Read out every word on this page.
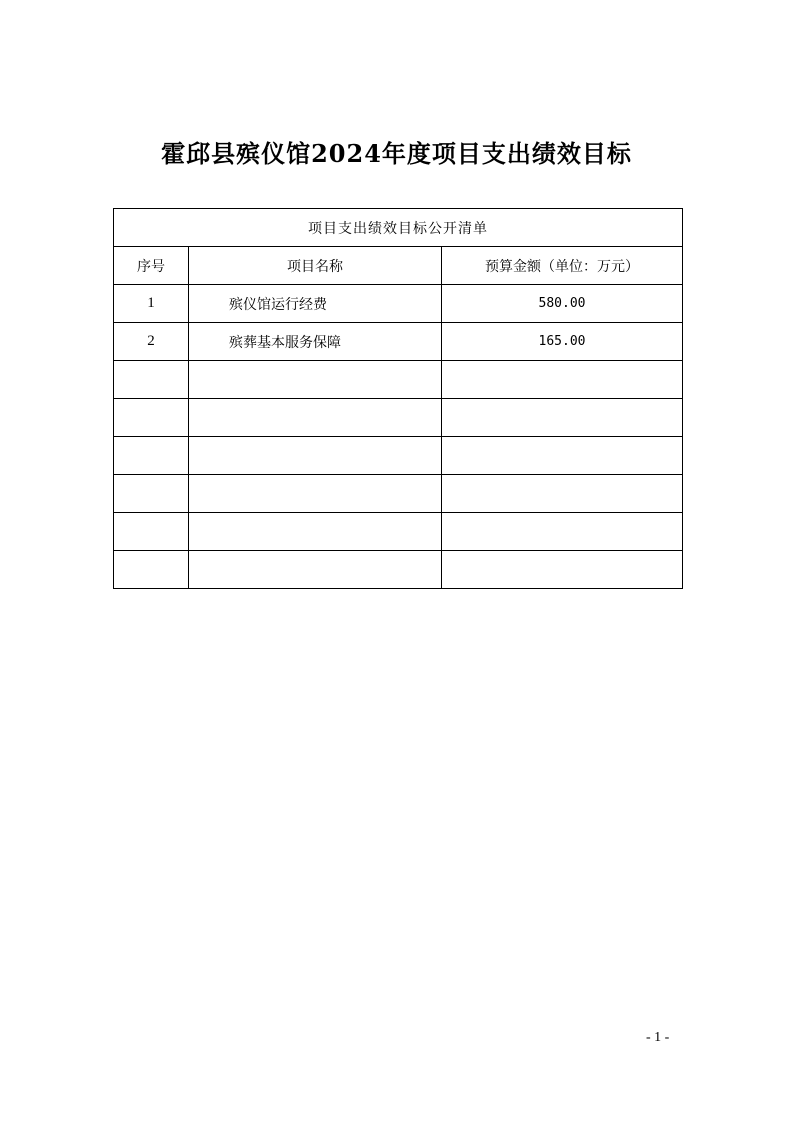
霍邱县殡仪馆2024年度项目支出绩效目标
项目支出绩效目标公开清单		
序号	项目名称	预算金额（单位：万元）
1	殡仪馆运行经费	580.00
2	殡葬基本服务保障	165.00

- 1 -
